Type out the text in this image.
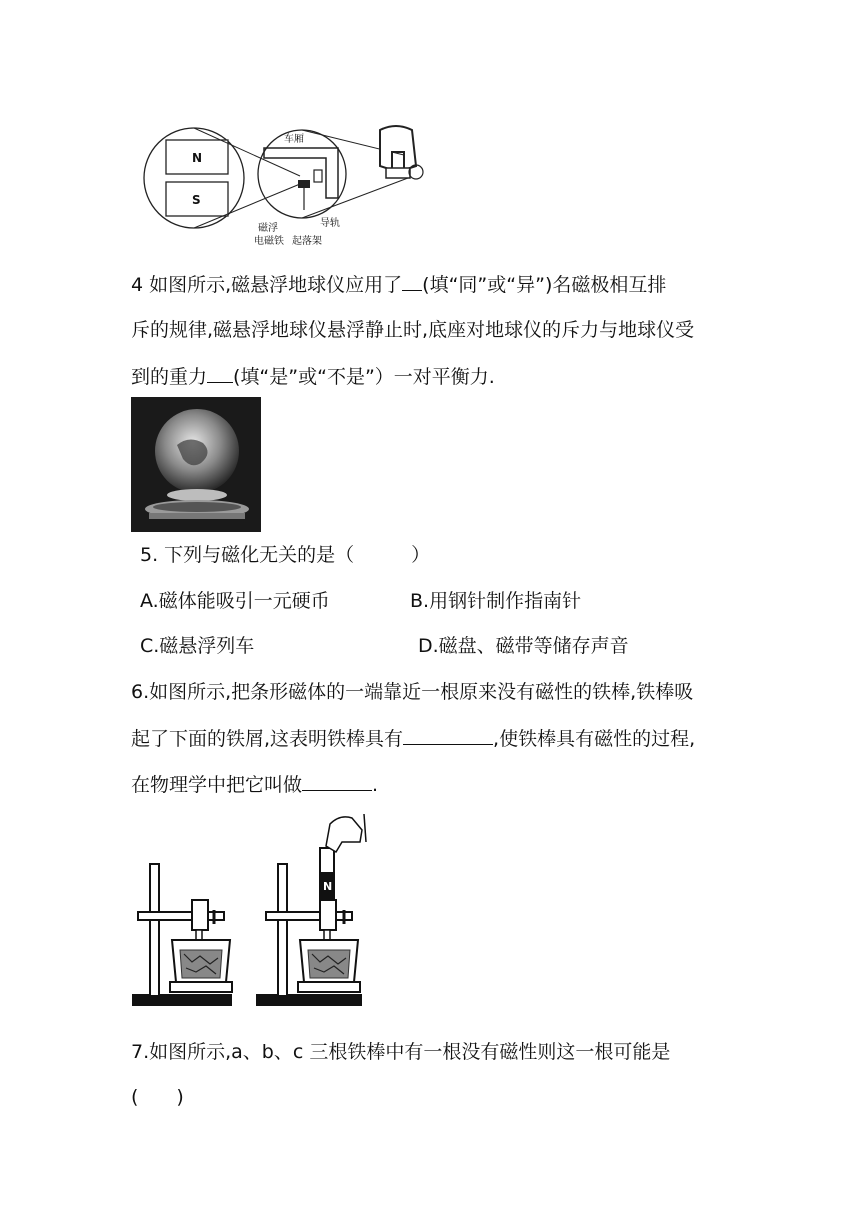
N
S
车厢
导轨
磁浮
电磁铁 起落架
4 如图所示,磁悬浮地球仪应用了 (填“同”或“异”)名磁极相互排
斥的规律,磁悬浮地球仪悬浮静止时,底座对地球仪的斥力与地球仪受
到的重力 (填“是”或“不是”）一对平衡力.
5. 下列与磁化无关的是（　　　）
A.磁体能吸引一元硬币	B.用钢针制作指南针
C.磁悬浮列车	D.磁盘、磁带等储存声音
6.如图所示,把条形磁体的一端靠近一根原来没有磁性的铁棒,铁棒吸
起了下面的铁屑,这表明铁棒具有	,使铁棒具有磁性的过程,
在物理学中把它叫做	.
N
7.如图所示,a、b、c 三根铁棒中有一根没有磁性则这一根可能是
(　　)
